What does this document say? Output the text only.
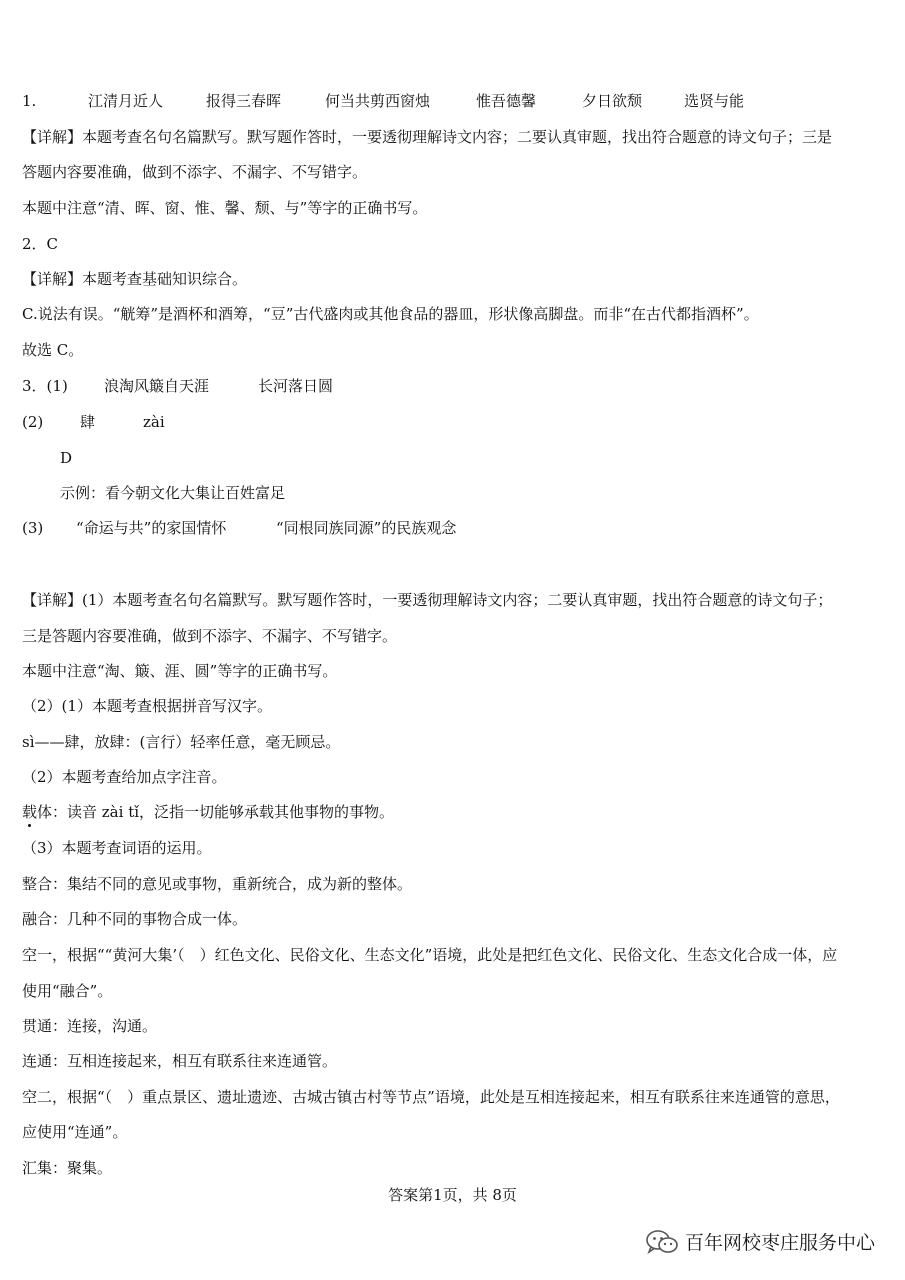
1.	江清月近人	报得三春晖	何当共剪西窗烛	惟吾德馨	夕日欲颓	选贤与能
【详解】本题考查名句名篇默写。默写题作答时，一要透彻理解诗文内容；二要认真审题，找出符合题意的诗文句子；三是
答题内容要准确，做到不添字、不漏字、不写错字。
本题中注意“清、晖、窗、惟、馨、颓、与”等字的正确书写。
2．C
【详解】本题考查基础知识综合。
C.说法有误。“觥筹”是酒杯和酒筹，“豆”古代盛肉或其他食品的器皿，形状像高脚盘。而非“在古代都指酒杯”。
故选 C。
3．(1) 浪淘风簸自天涯	长河落日圆
(2) 肆	zài
D
示例：看今朝文化大集让百姓富足
(3) “命运与共”的家国情怀	“同根同族同源”的民族观念
【详解】(1）本题考查名句名篇默写。默写题作答时，一要透彻理解诗文内容；二要认真审题，找出符合题意的诗文句子；
三是答题内容要准确，做到不添字、不漏字、不写错字。
本题中注意“淘、簸、涯、圆”等字的正确书写。
（2）(1）本题考查根据拼音写汉字。
sì——肆，放肆：(言行）轻率任意，毫无顾忌。
（2）本题考查给加点字注音。
载体：读音 zài tǐ，泛指一切能够承载其他事物的事物。
（3）本题考查词语的运用。
整合：集结不同的意见或事物，重新统合，成为新的整体。
融合：几种不同的事物合成一体。
空一，根据““黄河大集’（　）红色文化、民俗文化、生态文化”语境，此处是把红色文化、民俗文化、生态文化合成一体，应
使用“融合”。
贯通：连接，沟通。
连通：互相连接起来，相互有联系往来连通管。
空二，根据“（　）重点景区、遗址遗迹、古城古镇古村等节点”语境，此处是互相连接起来，相互有联系往来连通管的意思，
应使用“连通”。
汇集：聚集。
答案第1页，共 8页
百年网校枣庄服务中心
